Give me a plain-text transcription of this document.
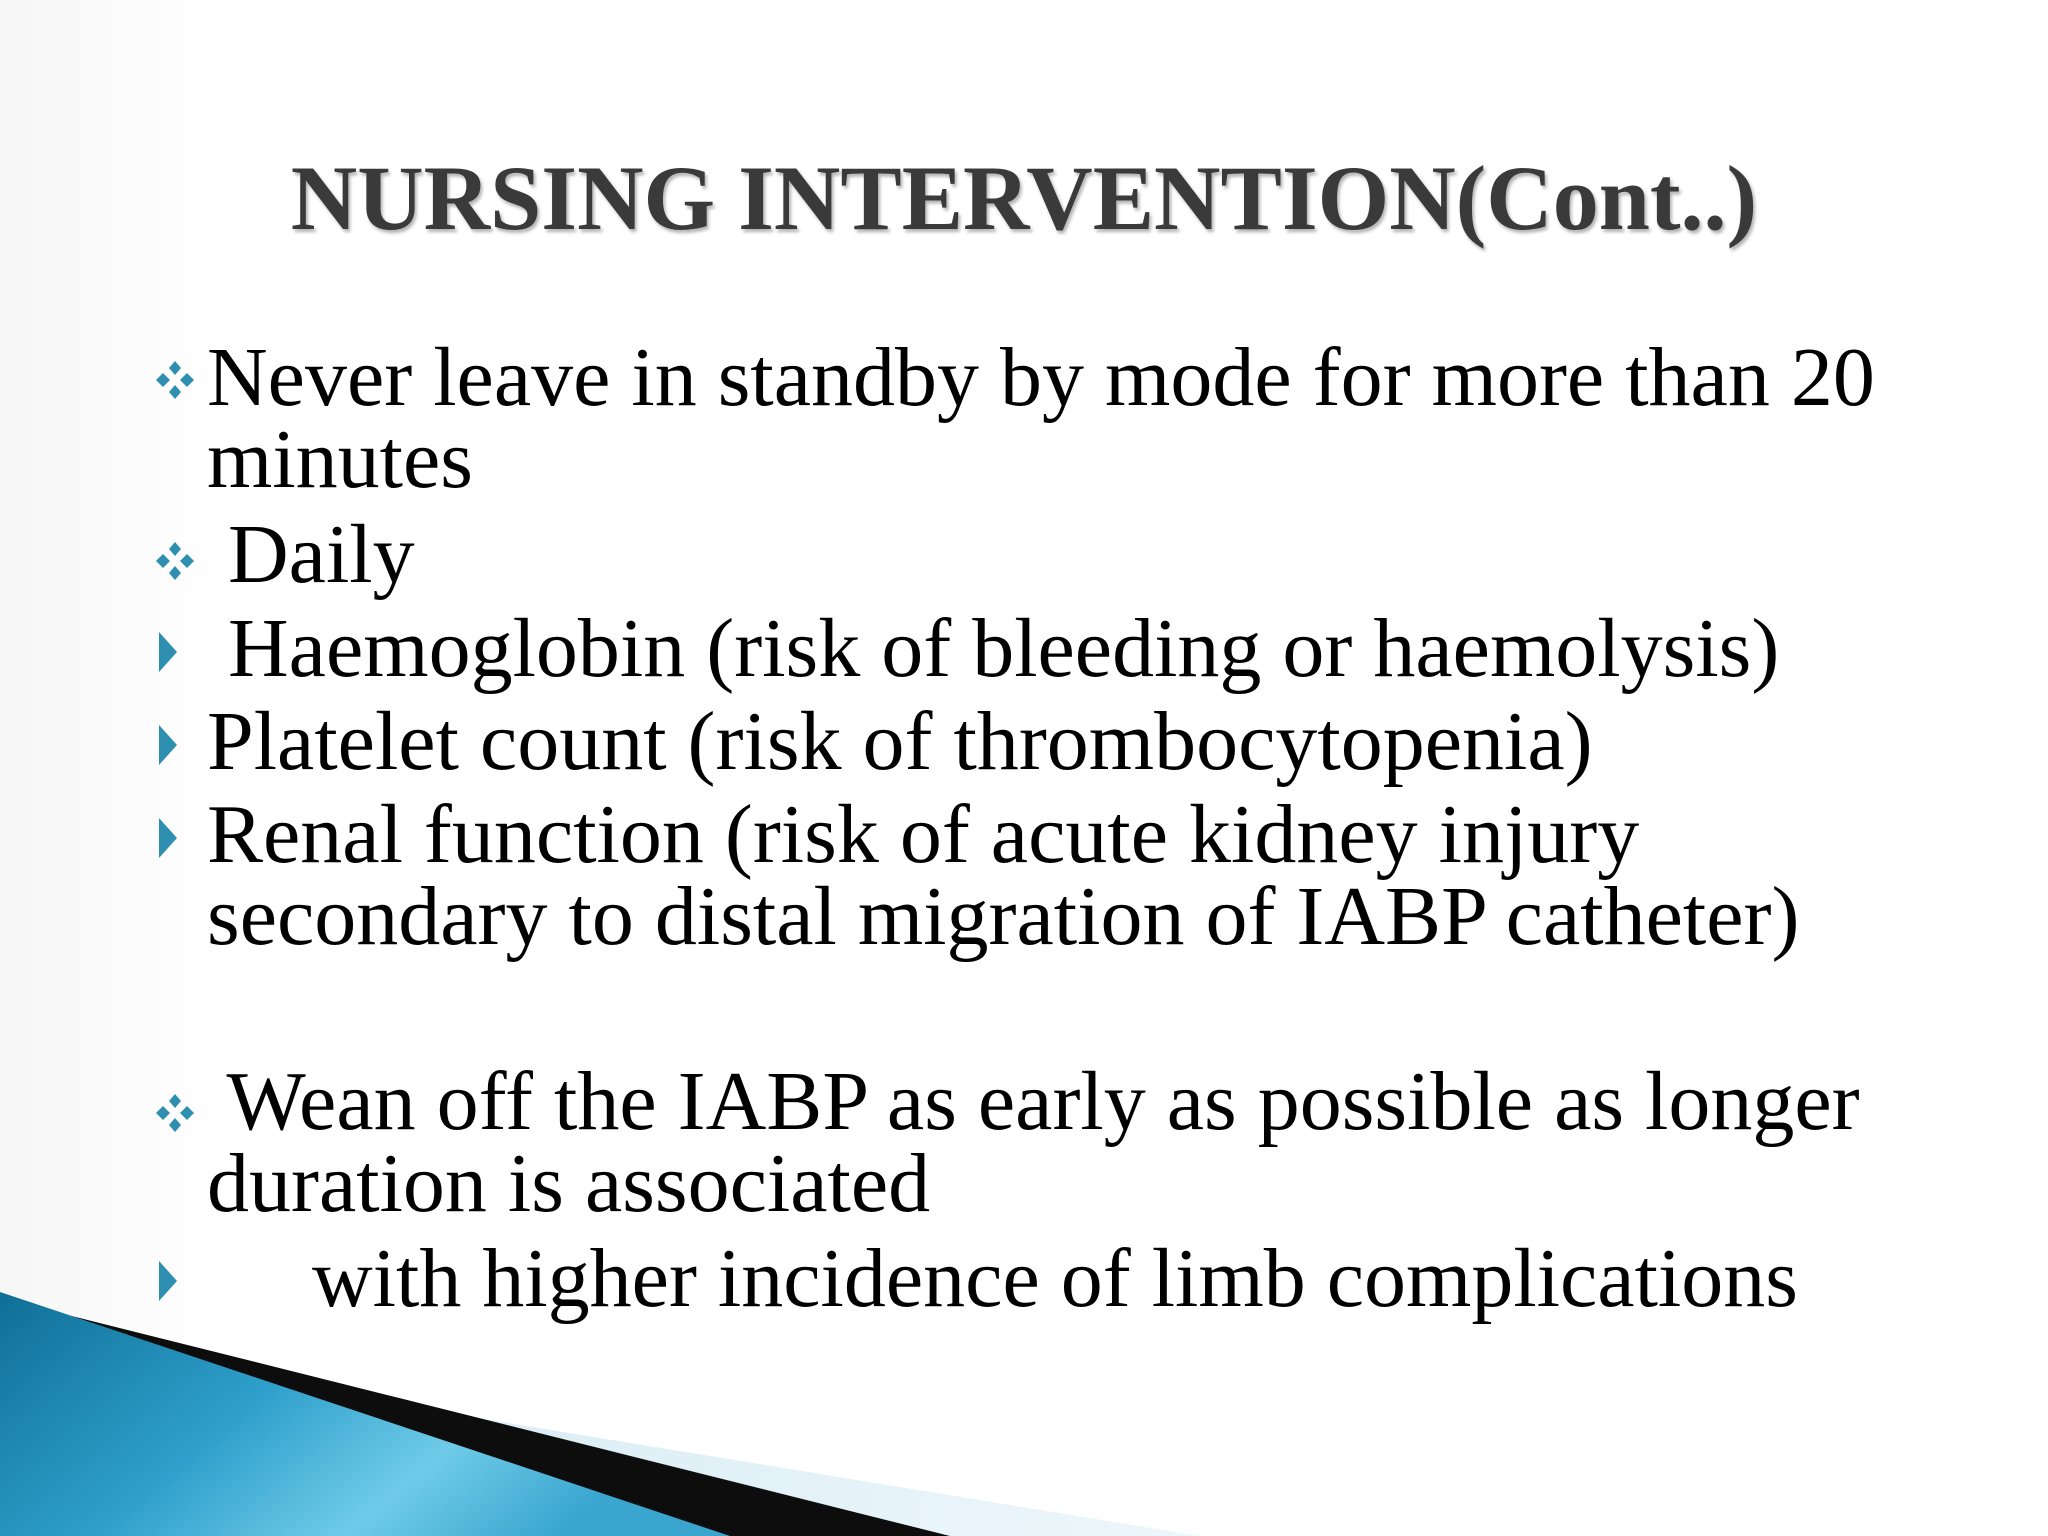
NURSING INTERVENTION(Cont..)
Never leave in standby by mode for more than 20
minutes
Daily
Haemoglobin (risk of bleeding or haemolysis)
Platelet count (risk of thrombocytopenia)
Renal function (risk of acute kidney injury
secondary to distal migration of IABP catheter)
Wean off the IABP as early as possible as longer
duration is associated
with higher incidence of limb complications
